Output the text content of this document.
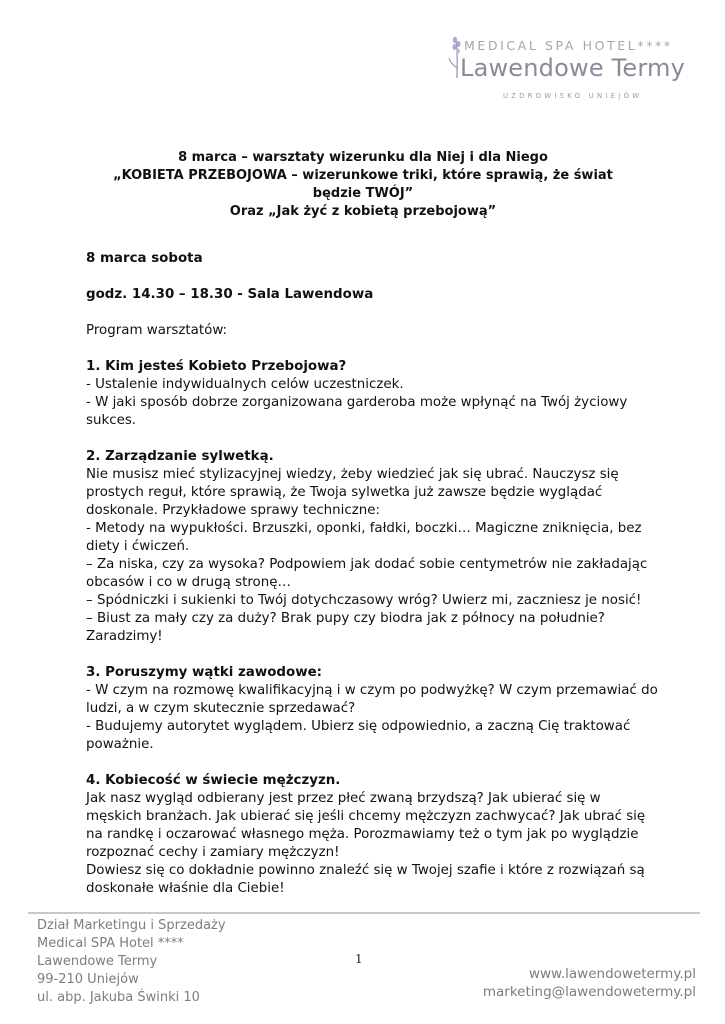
MEDICAL SPA HOTEL****
Lawendowe Termy
UZDROWISKO UNIEJÓW
8 marca – warsztaty wizerunku dla Niej i dla Niego
„KOBIETA PRZEBOJOWA – wizerunkowe triki, które sprawią, że świat
będzie TWÓJ”
Oraz „Jak żyć z kobietą przebojową”
8 marca sobota
godz. 14.30 – 18.30 - Sala Lawendowa
Program warsztatów:
1. Kim jesteś Kobieto Przebojowa?
- Ustalenie indywidualnych celów uczestniczek.
- W jaki sposób dobrze zorganizowana garderoba może wpłynąć na Twój życiowy
sukces.
2. Zarządzanie sylwetką.
Nie musisz mieć stylizacyjnej wiedzy, żeby wiedzieć jak się ubrać. Nauczysz się
prostych reguł, które sprawią, że Twoja sylwetka już zawsze będzie wyglądać
doskonale. Przykładowe sprawy techniczne:
- Metody na wypukłości. Brzuszki, oponki, fałdki, boczki… Magiczne zniknięcia, bez
diety i ćwiczeń.
– Za niska, czy za wysoka? Podpowiem jak dodać sobie centymetrów nie zakładając
obcasów i co w drugą stronę…
– Spódniczki i sukienki to Twój dotychczasowy wróg? Uwierz mi, zaczniesz je nosić!
– Biust za mały czy za duży? Brak pupy czy biodra jak z północy na południe?
Zaradzimy!
3. Poruszymy wątki zawodowe:
- W czym na rozmowę kwalifikacyjną i w czym po podwyżkę? W czym przemawiać do
ludzi, a w czym skutecznie sprzedawać?
- Budujemy autorytet wyglądem. Ubierz się odpowiednio, a zaczną Cię traktować
poważnie.
4. Kobiecość w świecie mężczyzn.
Jak nasz wygląd odbierany jest przez płeć zwaną brzydszą? Jak ubierać się w
męskich branżach. Jak ubierać się jeśli chcemy mężczyzn zachwycać? Jak ubrać się
na randkę i oczarować własnego męża. Porozmawiamy też o tym jak po wyglądzie
rozpoznać cechy i zamiary mężczyzn!
Dowiesz się co dokładnie powinno znaleźć się w Twojej szafie i które z rozwiązań są
doskonałe właśnie dla Ciebie!
Dział Marketingu i Sprzedaży
Medical SPA Hotel ****
Lawendowe Termy
99-210 Uniejów
ul. abp. Jakuba Świnki 10
1
www.lawendowetermy.pl
marketing@lawendowetermy.pl
